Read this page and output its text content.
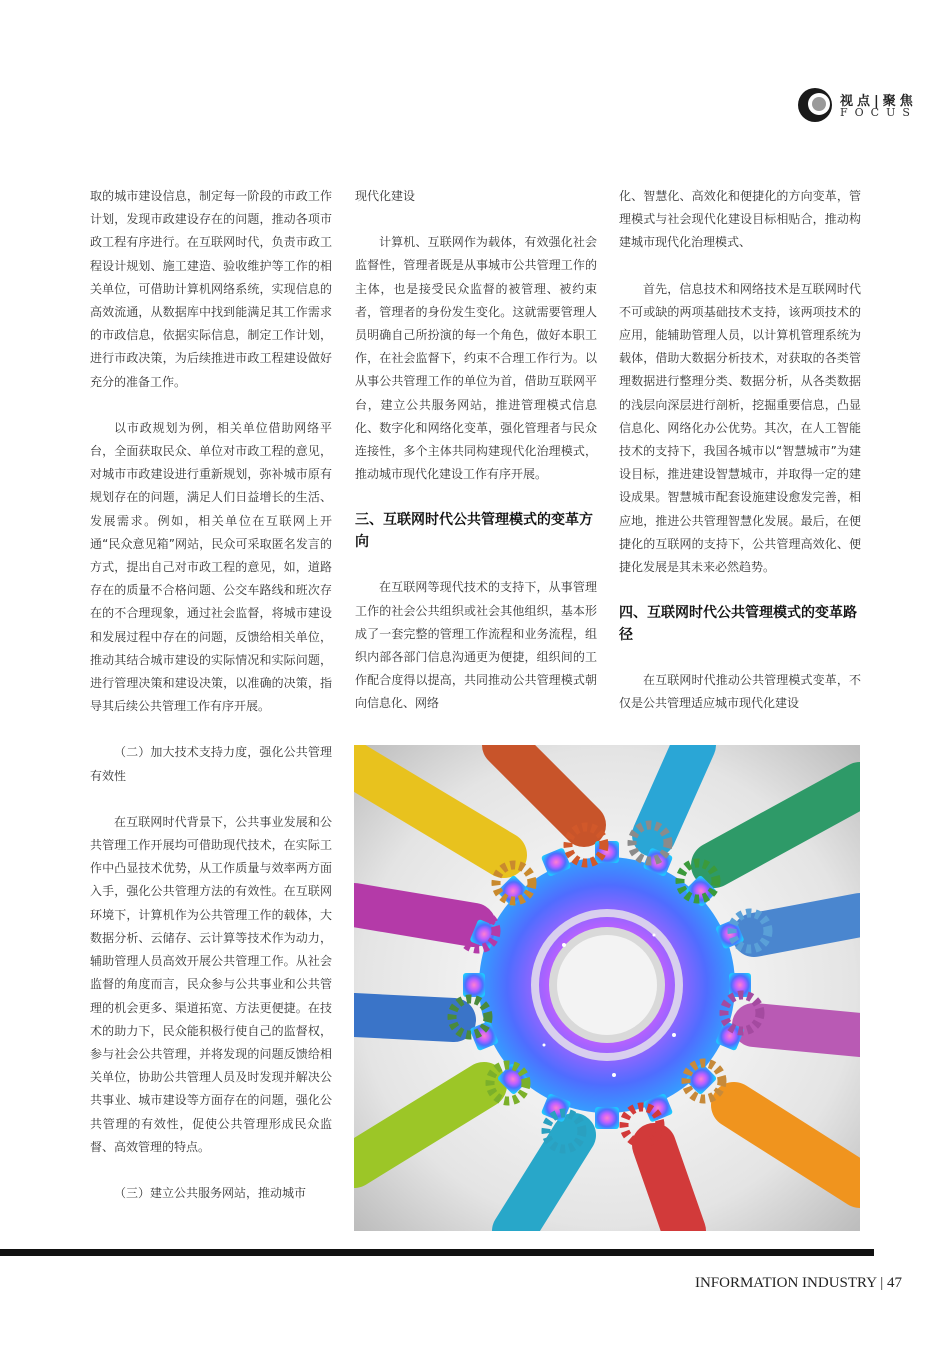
视点|聚焦
FOCUS

取的城市建设信息，制定每一阶段的市政工作计划，发现市政建设存在的问题，推动各项市政工程有序进行。在互联网时代，负责市政工程设计规划、施工建造、验收维护等工作的相关单位，可借助计算机网络系统，实现信息的高效流通，从数据库中找到能满足其工作需求的市政信息，依据实际信息，制定工作计划，进行市政决策，为后续推进市政工程建设做好充分的准备工作。

以市政规划为例，相关单位借助网络平台，全面获取民众、单位对市政工程的意见，对城市市政建设进行重新规划，弥补城市原有规划存在的问题，满足人们日益增长的生活、发展需求。例如，相关单位在互联网上开通“民众意见箱”网站，民众可采取匿名发言的方式，提出自己对市政工程的意见，如，道路存在的质量不合格问题、公交车路线和班次存在的不合理现象，通过社会监督，将城市建设和发展过程中存在的问题，反馈给相关单位，推动其结合城市建设的实际情况和实际问题，进行管理决策和建设决策，以准确的决策，指导其后续公共管理工作有序开展。

（二）加大技术支持力度，强化公共管理有效性

在互联网时代背景下，公共事业发展和公共管理工作开展均可借助现代技术，在实际工作中凸显技术优势，从工作质量与效率两方面入手，强化公共管理方法的有效性。在互联网环境下，计算机作为公共管理工作的载体，大数据分析、云储存、云计算等技术作为动力，辅助管理人员高效开展公共管理工作。从社会监督的角度而言，民众参与公共事业和公共管理的机会更多、渠道拓宽、方法更便捷。在技术的助力下，民众能积极行使自己的监督权，参与社会公共管理，并将发现的问题反馈给相关单位，协助公共管理人员及时发现并解决公共事业、城市建设等方面存在的问题，强化公共管理的有效性，促使公共管理形成民众监督、高效管理的特点。

（三）建立公共服务网站，推动城市

现代化建设

计算机、互联网作为载体，有效强化社会监督性，管理者既是从事城市公共管理工作的主体，也是接受民众监督的被管理、被约束者，管理者的身份发生变化。这就需要管理人员明确自己所扮演的每一个角色，做好本职工作，在社会监督下，约束不合理工作行为。以从事公共管理工作的单位为首，借助互联网平台，建立公共服务网站，推进管理模式信息化、数字化和网络化变革，强化管理者与民众连接性，多个主体共同构建现代化治理模式，推动城市现代化建设工作有序开展。

三、互联网时代公共管理模式的变革方向

在互联网等现代技术的支持下，从事管理工作的社会公共组织或社会其他组织，基本形成了一套完整的管理工作流程和业务流程，组织内部各部门信息沟通更为便捷，组织间的工作配合度得以提高，共同推动公共管理模式朝向信息化、网络

化、智慧化、高效化和便捷化的方向变革，管理模式与社会现代化建设目标相贴合，推动构建城市现代化治理模式、

首先，信息技术和网络技术是互联网时代不可或缺的两项基础技术支持，该两项技术的应用，能辅助管理人员，以计算机管理系统为载体，借助大数据分析技术，对获取的各类管理数据进行整理分类、数据分析，从各类数据的浅层向深层进行剖析，挖掘重要信息，凸显信息化、网络化办公优势。其次，在人工智能技术的支持下，我国各城市以“智慧城市”为建设目标，推进建设智慧城市，并取得一定的建设成果。智慧城市配套设施建设愈发完善，相应地，推进公共管理智慧化发展。最后，在便捷化的互联网的支持下，公共管理高效化、便捷化发展是其未来必然趋势。

四、互联网时代公共管理模式的变革路径

在互联网时代推动公共管理模式变革，不仅是公共管理适应城市现代化建设

INFORMATION INDUSTRY | 47
